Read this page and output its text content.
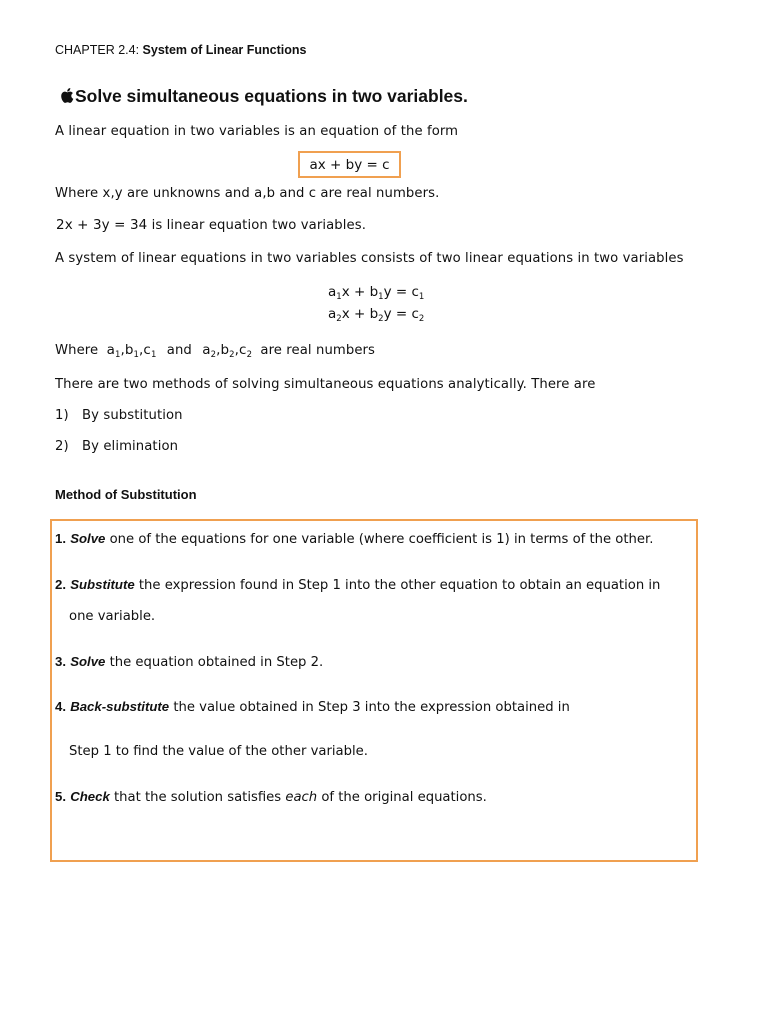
CHAPTER 2.4: System of Linear Functions
Solve simultaneous equations in two variables.
A linear equation in two variables is an equation of the form
ax + by = c
Where x,y are unknowns and a,b and c are real numbers.
2x + 3y = 34 is linear equation two variables.
A system of linear equations in two variables consists of two linear equations in two variables
$a_1x + b_1y = c_1$
$a_2x + b_2y = c_2$
Where $a_1,b_1,c_1$ and $a_2,b_2,c_2$ are real numbers
There are two methods of solving simultaneous equations analytically. There are
1) By substitution
2) By elimination
Method of Substitution
1. Solve one of the equations for one variable (where coefficient is 1) in terms of the other.
2. Substitute the expression found in Step 1 into the other equation to obtain an equation in
one variable.
3. Solve the equation obtained in Step 2.
4. Back-substitute the value obtained in Step 3 into the expression obtained in
Step 1 to find the value of the other variable.
5. Check that the solution satisfies each of the original equations.
